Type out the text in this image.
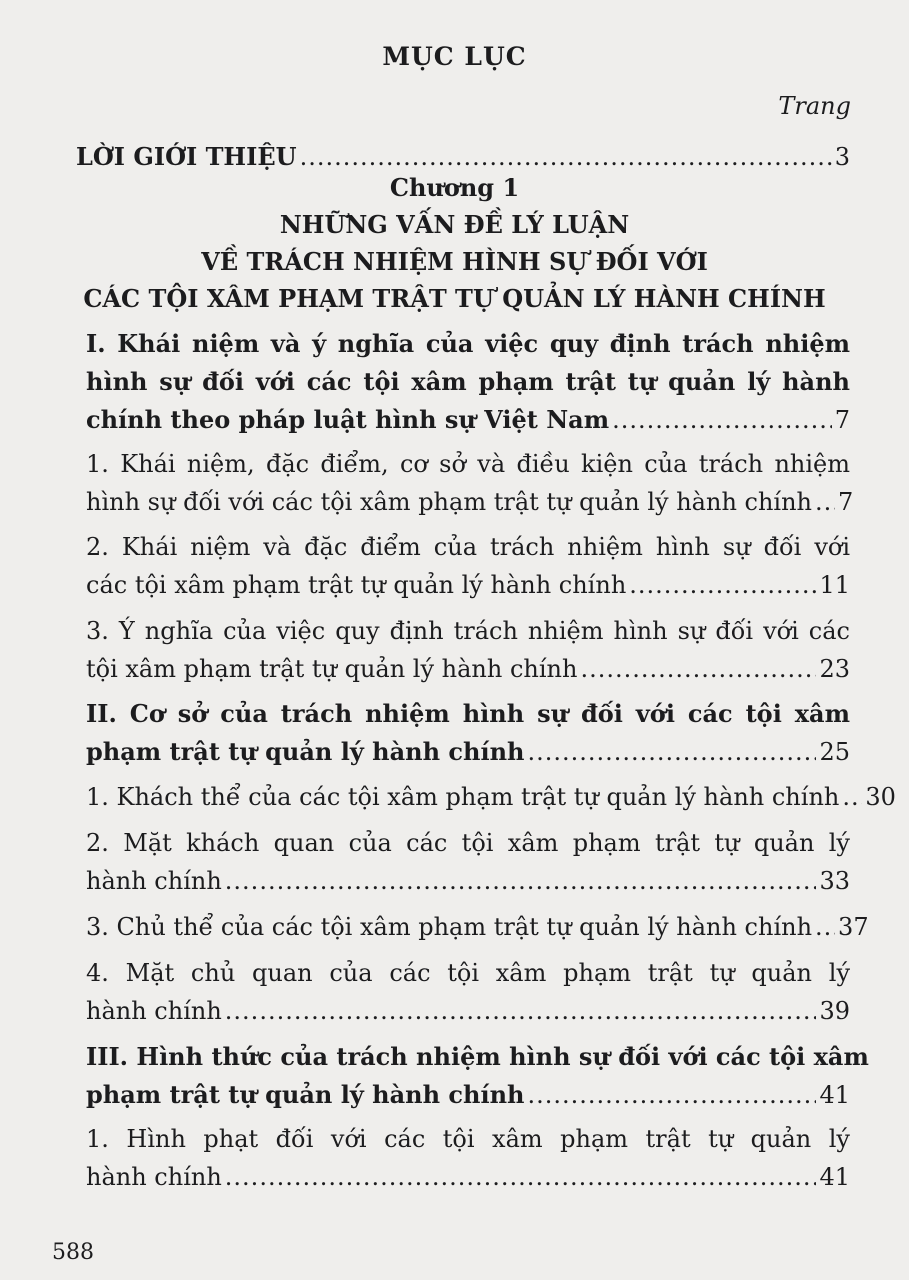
MỤC LỤC
Trang
LỜI GIỚI THIỆU .....	3
Chương 1
NHỮNG VẤN ĐỀ LÝ LUẬN
VỀ TRÁCH NHIỆM HÌNH SỰ ĐỐI VỚI
CÁC TỘI XÂM PHẠM TRẬT TỰ QUẢN LÝ HÀNH CHÍNH
I. Khái niệm và ý nghĩa của việc quy định trách nhiệm
hình sự đối với các tội xâm phạm trật tự quản lý hành
chính theo pháp luật hình sự Việt Nam .....	7
1. Khái niệm, đặc điểm, cơ sở và điều kiện của trách nhiệm
hình sự đối với các tội xâm phạm trật tự quản lý hành chính ..... 7
2. Khái niệm và đặc điểm của trách nhiệm hình sự đối với
các tội xâm phạm trật tự quản lý hành chính .....	11
3. Ý nghĩa của việc quy định trách nhiệm hình sự đối với các
tội xâm phạm trật tự quản lý hành chính .....	23
II. Cơ sở của trách nhiệm hình sự đối với các tội xâm
phạm trật tự quản lý hành chính .....	25
1. Khách thể của các tội xâm phạm trật tự quản lý hành chính ..... 30
2. Mặt khách quan của các tội xâm phạm trật tự quản lý
hành chính .....	33
3. Chủ thể của các tội xâm phạm trật tự quản lý hành chính ..... 37
4. Mặt chủ quan của các tội xâm phạm trật tự quản lý
hành chính .....	39
III. Hình thức của trách nhiệm hình sự đối với các tội xâm
phạm trật tự quản lý hành chính .....	41
1. Hình phạt đối với các tội xâm phạm trật tự quản lý
hành chính .....	41
588
